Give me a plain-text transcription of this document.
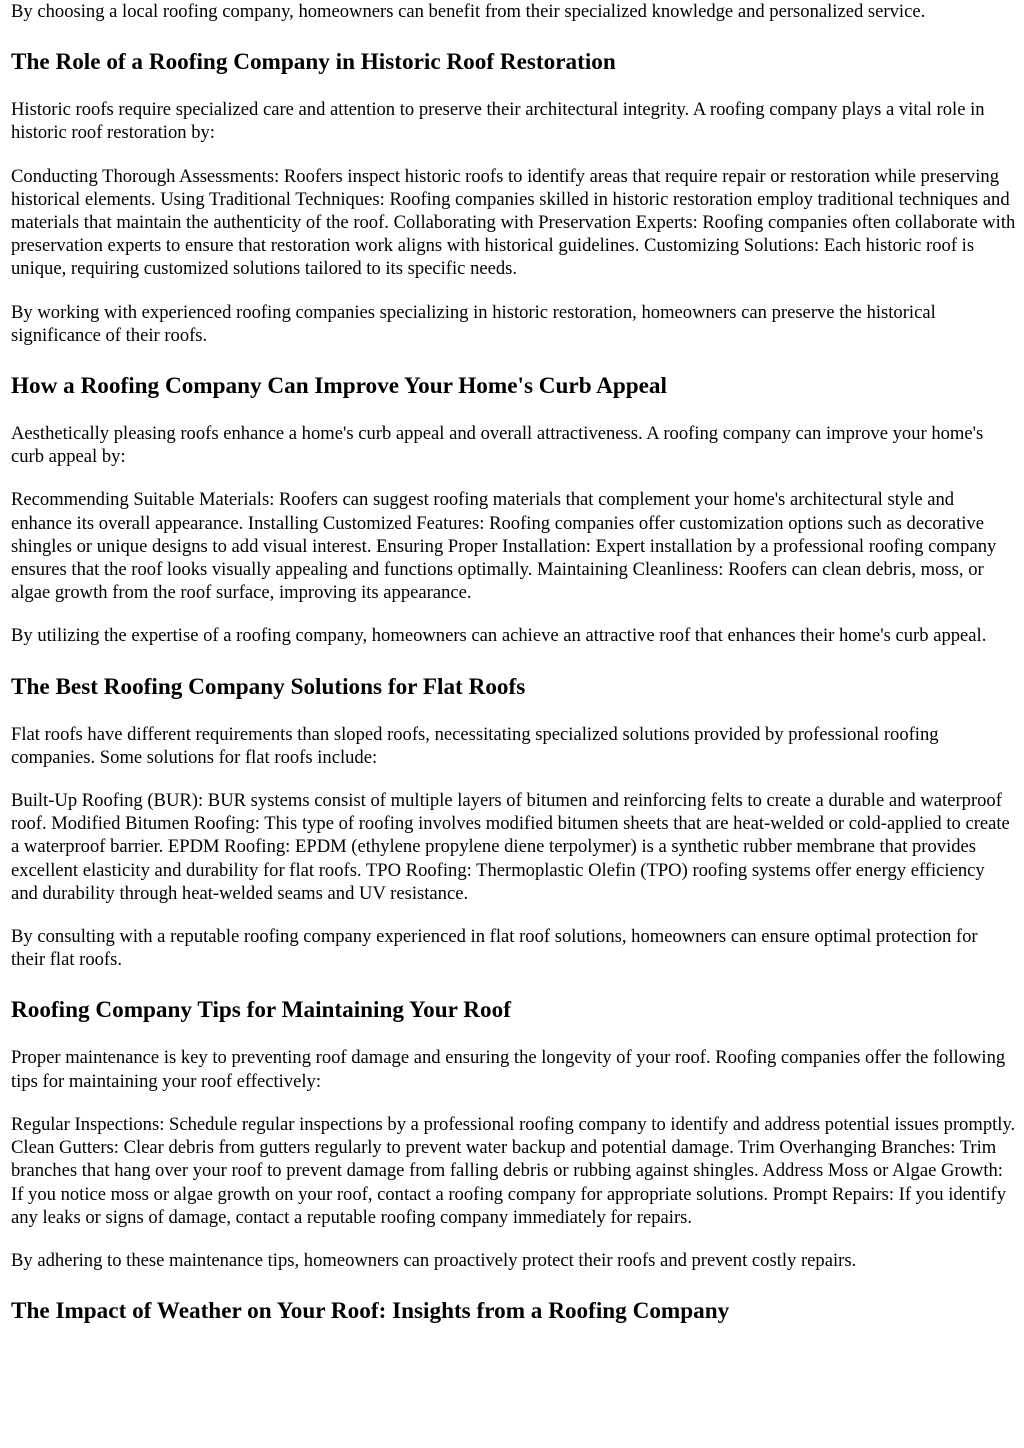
By choosing a local roofing company, homeowners can benefit from their specialized knowledge and personalized service.

The Role of a Roofing Company in Historic Roof Restoration

Historic roofs require specialized care and attention to preserve their architectural integrity. A roofing company plays a vital role in historic roof restoration by:

Conducting Thorough Assessments: Roofers inspect historic roofs to identify areas that require repair or restoration while preserving historical elements. Using Traditional Techniques: Roofing companies skilled in historic restoration employ traditional techniques and materials that maintain the authenticity of the roof. Collaborating with Preservation Experts: Roofing companies often collaborate with preservation experts to ensure that restoration work aligns with historical guidelines. Customizing Solutions: Each historic roof is unique, requiring customized solutions tailored to its specific needs.

By working with experienced roofing companies specializing in historic restoration, homeowners can preserve the historical significance of their roofs.

How a Roofing Company Can Improve Your Home's Curb Appeal

Aesthetically pleasing roofs enhance a home's curb appeal and overall attractiveness. A roofing company can improve your home's curb appeal by:

Recommending Suitable Materials: Roofers can suggest roofing materials that complement your home's architectural style and enhance its overall appearance. Installing Customized Features: Roofing companies offer customization options such as decorative shingles or unique designs to add visual interest. Ensuring Proper Installation: Expert installation by a professional roofing company ensures that the roof looks visually appealing and functions optimally. Maintaining Cleanliness: Roofers can clean debris, moss, or algae growth from the roof surface, improving its appearance.

By utilizing the expertise of a roofing company, homeowners can achieve an attractive roof that enhances their home's curb appeal.

The Best Roofing Company Solutions for Flat Roofs

Flat roofs have different requirements than sloped roofs, necessitating specialized solutions provided by professional roofing companies. Some solutions for flat roofs include:

Built-Up Roofing (BUR): BUR systems consist of multiple layers of bitumen and reinforcing felts to create a durable and waterproof roof. Modified Bitumen Roofing: This type of roofing involves modified bitumen sheets that are heat-welded or cold-applied to create a waterproof barrier. EPDM Roofing: EPDM (ethylene propylene diene terpolymer) is a synthetic rubber membrane that provides excellent elasticity and durability for flat roofs. TPO Roofing: Thermoplastic Olefin (TPO) roofing systems offer energy efficiency and durability through heat-welded seams and UV resistance.

By consulting with a reputable roofing company experienced in flat roof solutions, homeowners can ensure optimal protection for their flat roofs.

Roofing Company Tips for Maintaining Your Roof

Proper maintenance is key to preventing roof damage and ensuring the longevity of your roof. Roofing companies offer the following tips for maintaining your roof effectively:

Regular Inspections: Schedule regular inspections by a professional roofing company to identify and address potential issues promptly. Clean Gutters: Clear debris from gutters regularly to prevent water backup and potential damage. Trim Overhanging Branches: Trim branches that hang over your roof to prevent damage from falling debris or rubbing against shingles. Address Moss or Algae Growth: If you notice moss or algae growth on your roof, contact a roofing company for appropriate solutions. Prompt Repairs: If you identify any leaks or signs of damage, contact a reputable roofing company immediately for repairs.

By adhering to these maintenance tips, homeowners can proactively protect their roofs and prevent costly repairs.

The Impact of Weather on Your Roof: Insights from a Roofing Company
